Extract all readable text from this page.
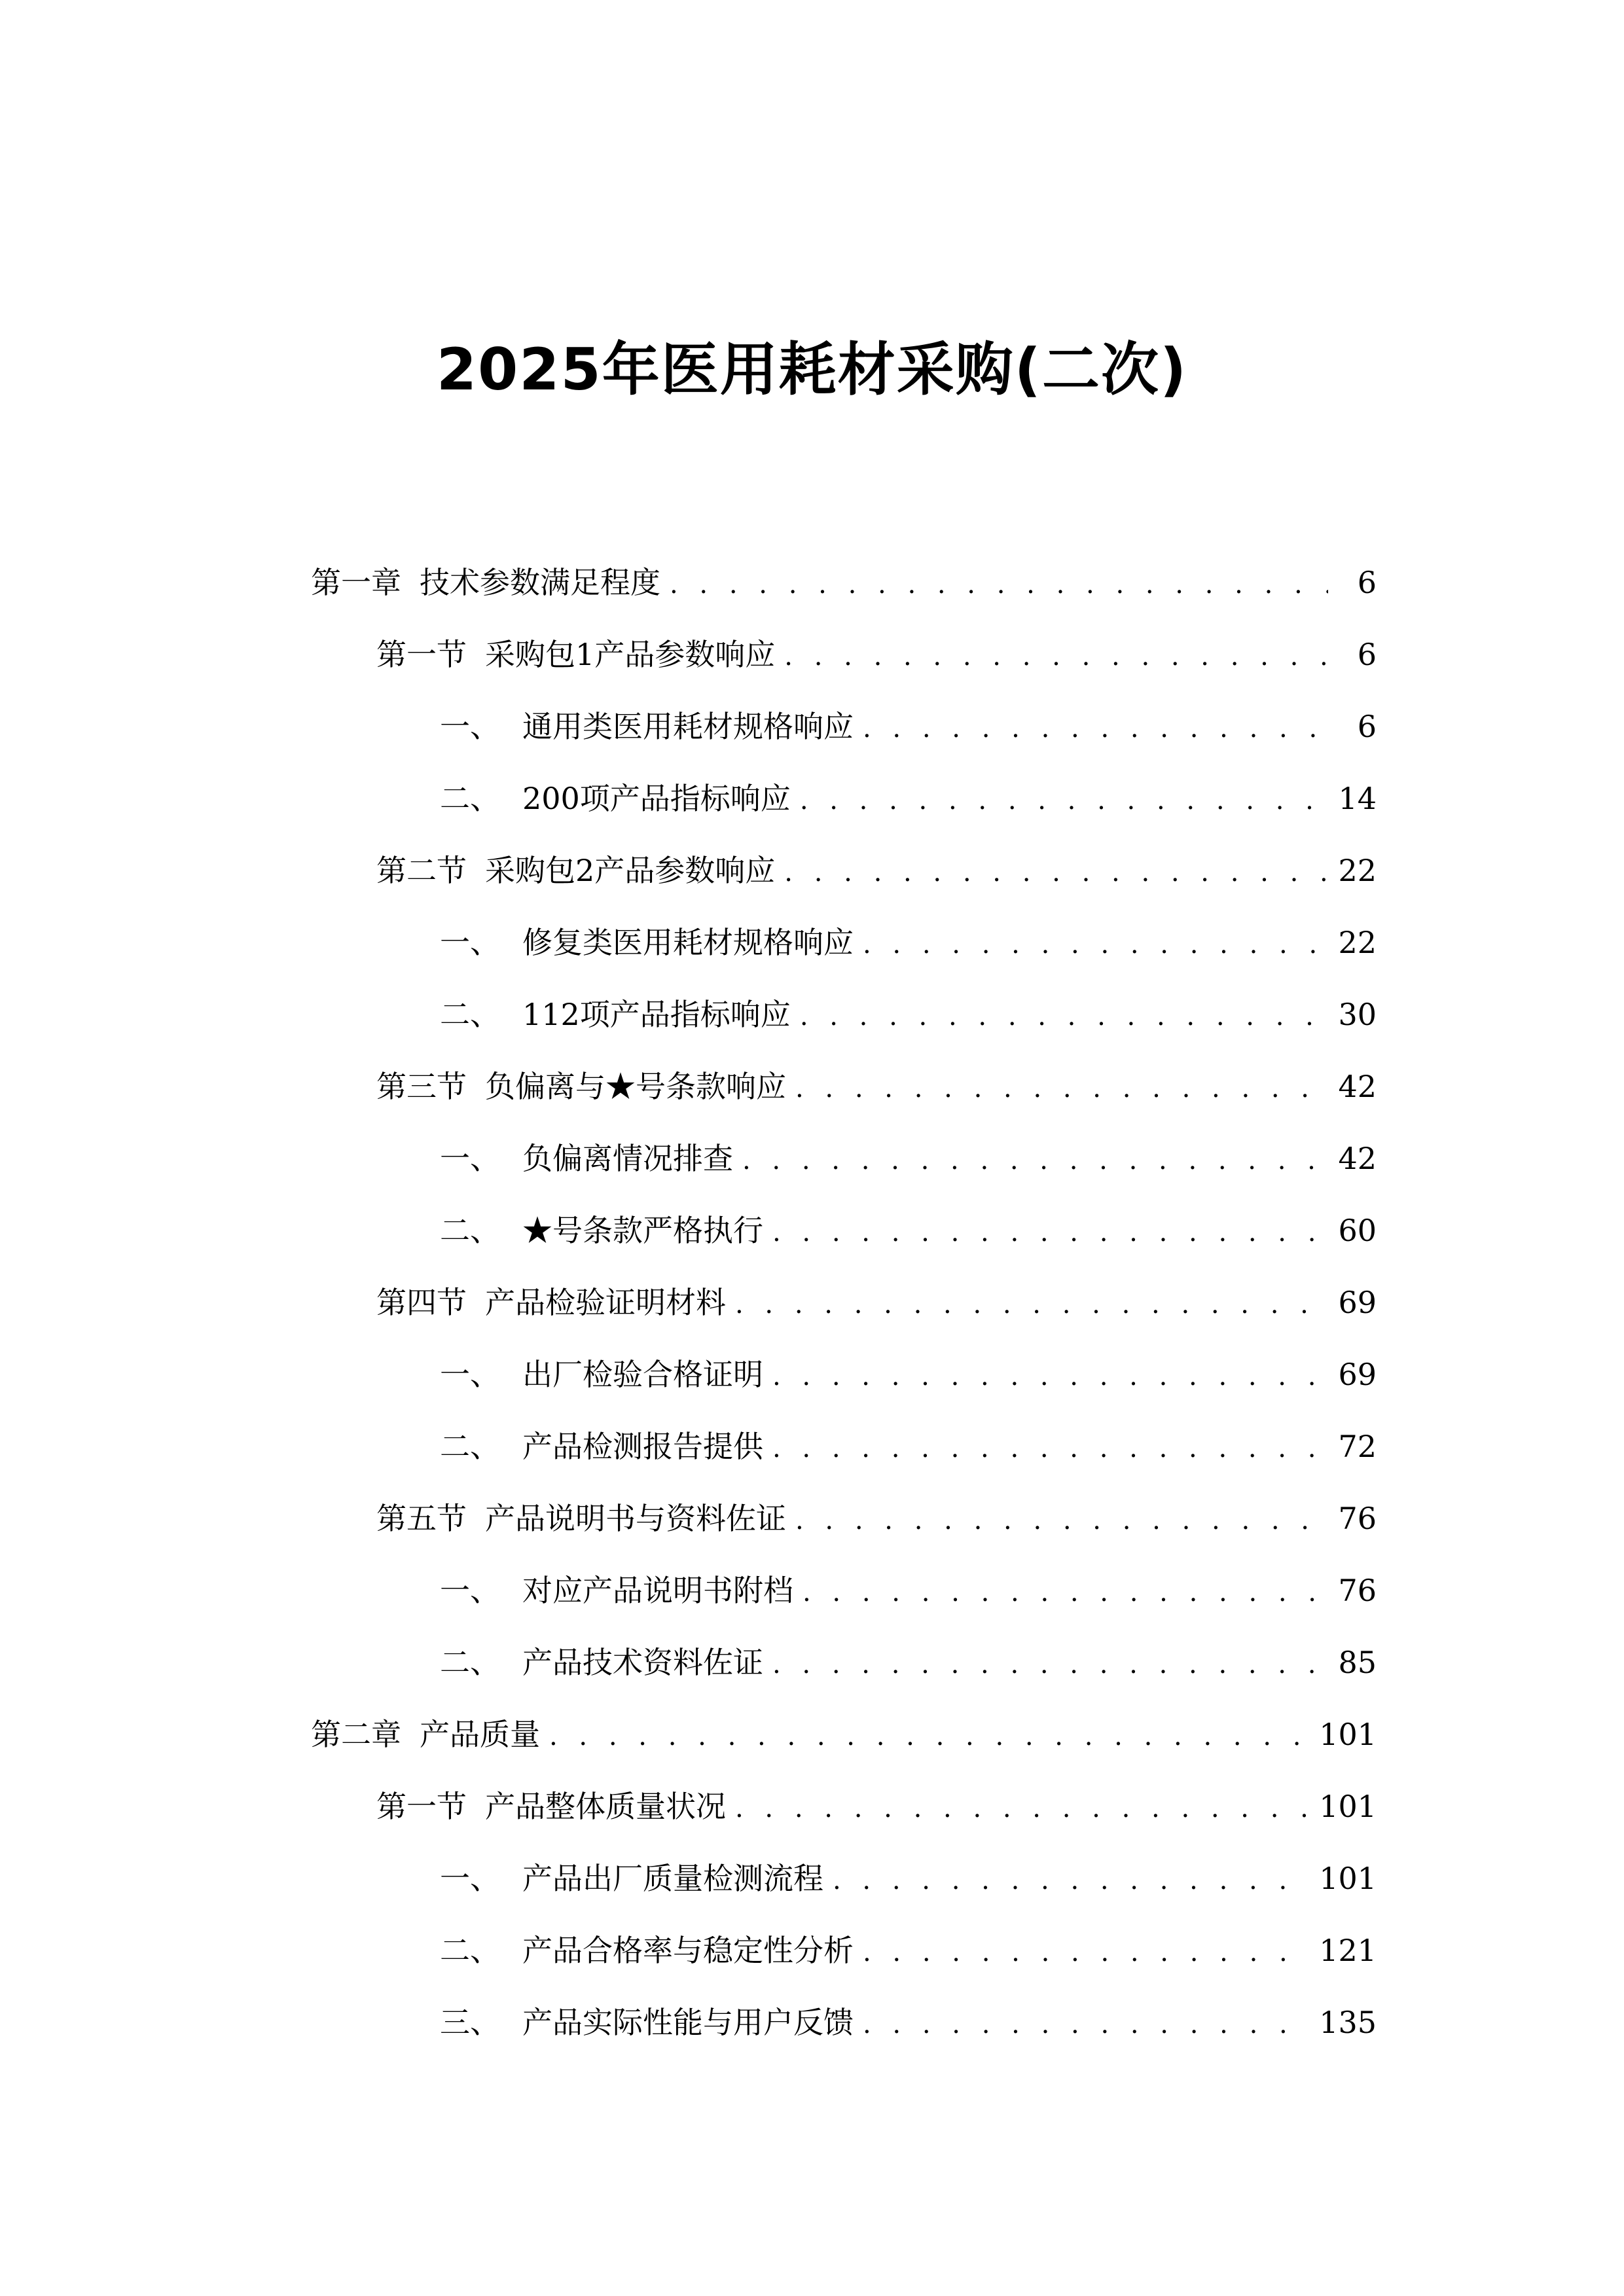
2025年医用耗材采购(二次)
第一章 技术参数满足程度 . . .	6
第一节 采购包1产品参数响应 . . .	6
一、 通用类医用耗材规格响应 . . .	6
二、 200项产品指标响应 . . .	14
第二节 采购包2产品参数响应 . . .	22
一、 修复类医用耗材规格响应 . . .	22
二、 112项产品指标响应 . . .	30
第三节 负偏离与★号条款响应 . . .	42
一、 负偏离情况排查 . . .	42
二、 ★号条款严格执行 . . .	60
第四节 产品检验证明材料 . . .	69
一、 出厂检验合格证明 . . .	69
二、 产品检测报告提供 . . .	72
第五节 产品说明书与资料佐证 . . .	76
一、 对应产品说明书附档 . . .	76
二、 产品技术资料佐证 . . .	85
第二章 产品质量 . . .	101
第一节 产品整体质量状况 . . .	101
一、 产品出厂质量检测流程 . . .	101
二、 产品合格率与稳定性分析 . . .	121
三、 产品实际性能与用户反馈 . . .	135
